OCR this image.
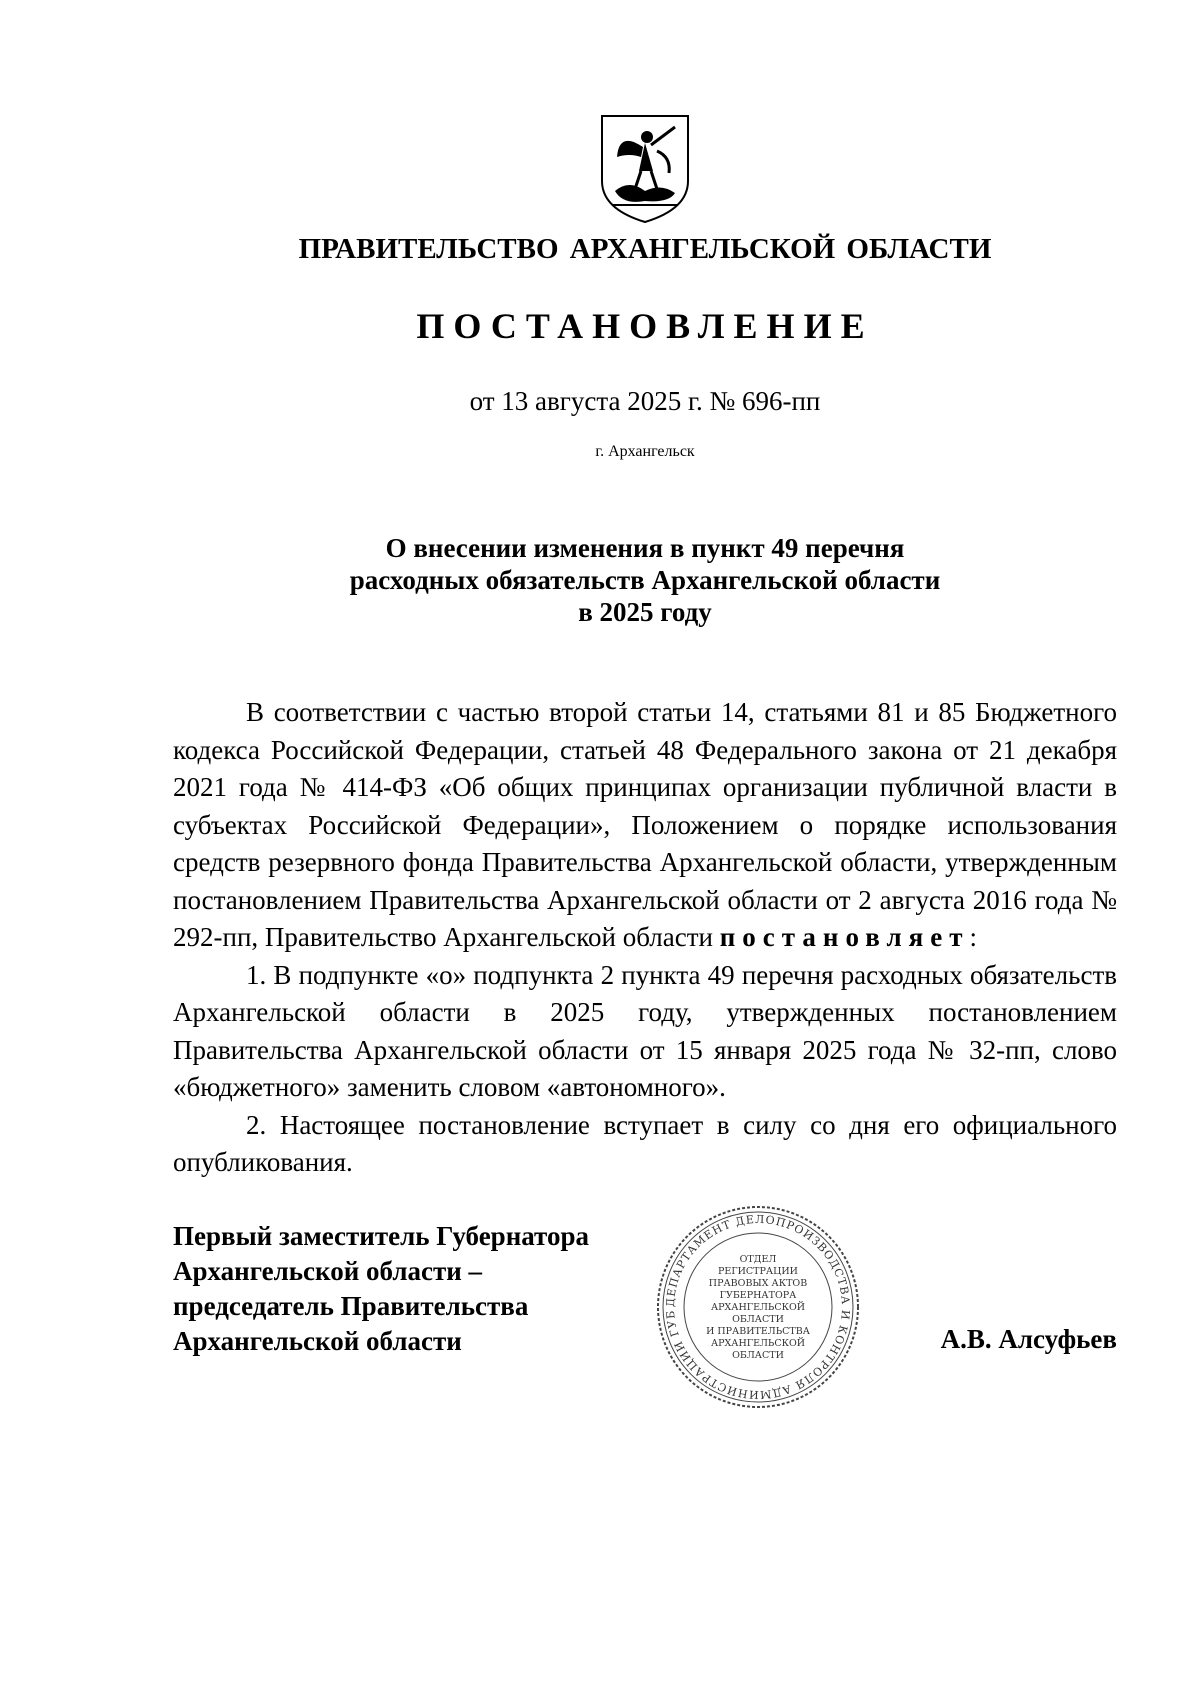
ПРАВИТЕЛЬСТВО АРХАНГЕЛЬСКОЙ ОБЛАСТИ
ПОСТАНОВЛЕНИЕ
от 13 августа 2025 г. № 696-пп
г. Архангельск
О внесении изменения в пункт 49 перечня
расходных обязательств Архангельской области
в 2025 году

В соответствии с частью второй статьи 14, статьями 81 и 85 Бюджетного кодекса Российской Федерации, статьей 48 Федерального закона от 21 декабря 2021 года № 414-ФЗ «Об общих принципах организации публичной власти в субъектах Российской Федерации», Положением о порядке использования средств резервного фонда Правительства Архангельской области, утвержденным постановлением Правительства Архангельской области от 2 августа 2016 года № 292-пп, Правительство Архангельской области постановляет:

1. В подпункте «о» подпункта 2 пункта 49 перечня расходных обязательств Архангельской области в 2025 году, утвержденных постановлением Правительства Архангельской области от 15 января 2025 года № 32-пп, слово «бюджетного» заменить словом «автономного».

2. Настоящее постановление вступает в силу со дня его официального опубликования.

Первый заместитель Губернатора
Архангельской области –
председатель Правительства
Архангельской области
ДЕПАРТАМЕНТ ДЕЛОПРОИЗВОДСТВА И КОНТРОЛЯ АДМИНИСТРАЦИИ ГУБ
ОТДЕЛ
РЕГИСТРАЦИИ
ПРАВОВЫХ АКТОВ
ГУБЕРНАТОРА
АРХАНГЕЛЬСКОЙ
ОБЛАСТИ
И ПРАВИТЕЛЬСТВА
АРХАНГЕЛЬСКОЙ
ОБЛАСТИ
А.В. Алсуфьев
